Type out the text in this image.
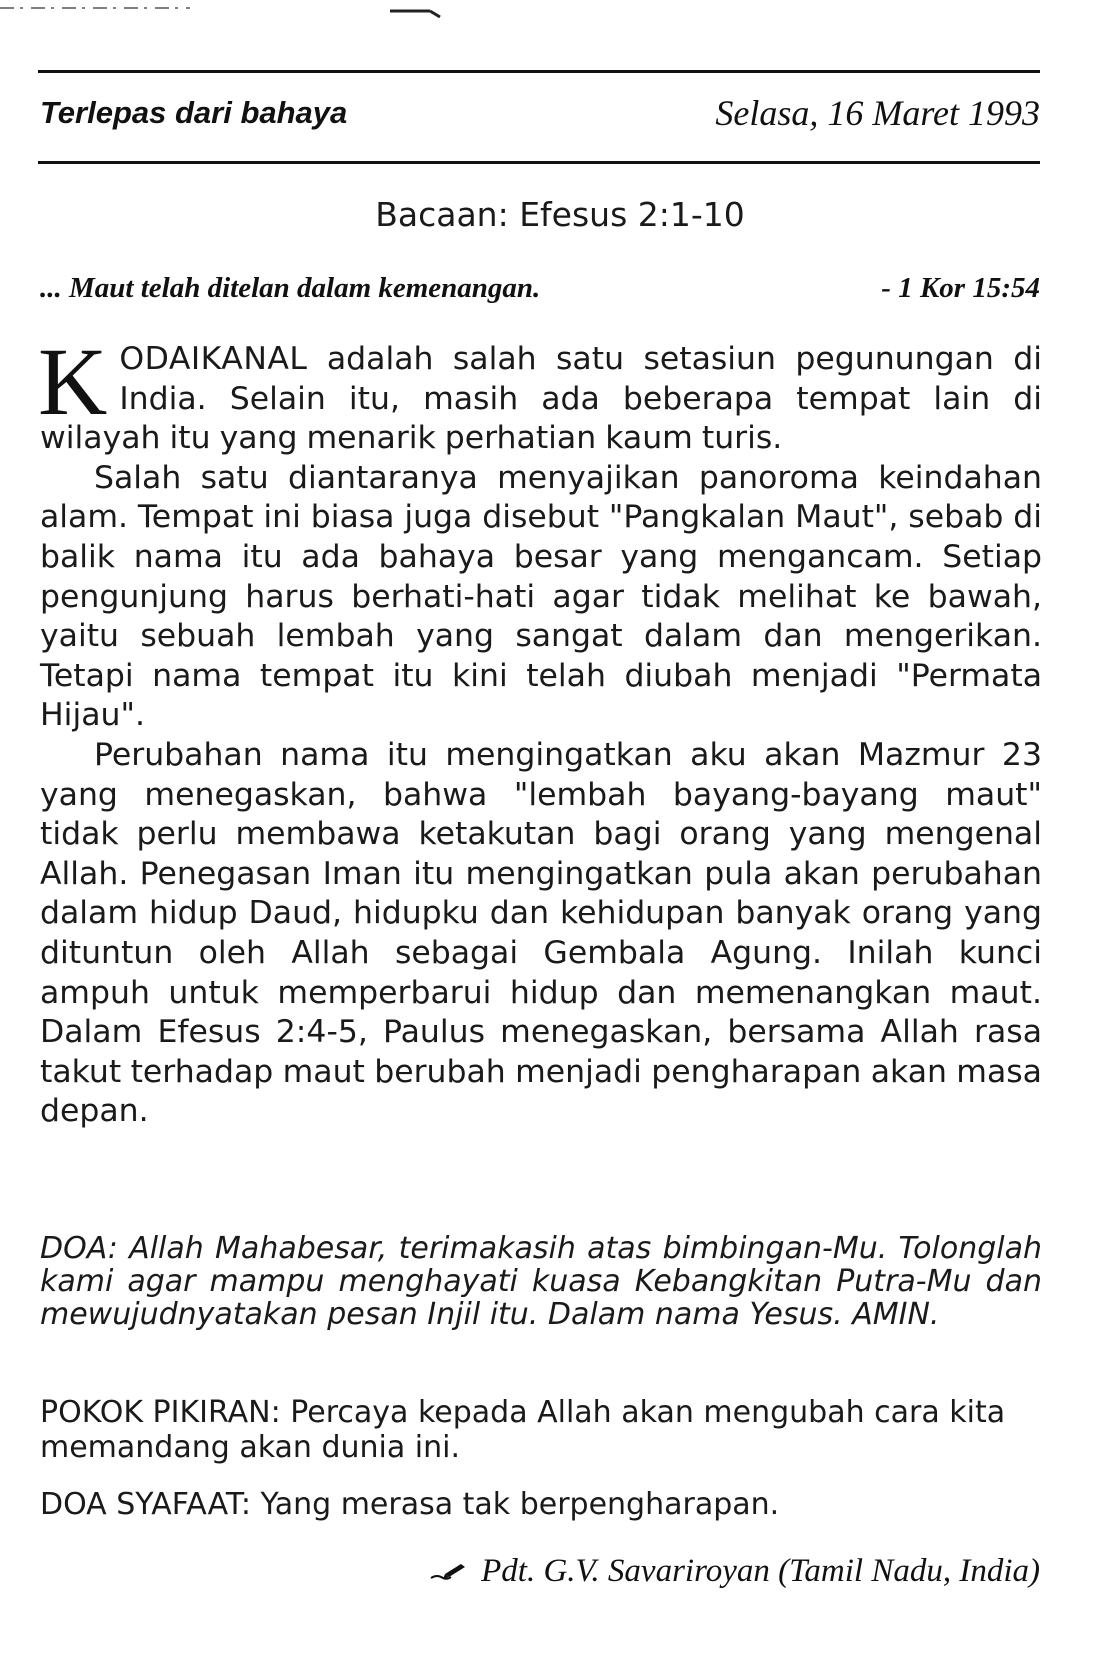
Terlepas dari bahaya	Selasa, 16 Maret 1993
Bacaan: Efesus 2:1-10
... Maut telah ditelan dalam kemenangan.	- 1 Kor 15:54

KODAIKANAL adalah salah satu setasiun pegunungan di India. Selain itu, masih ada beberapa tempat lain di wilayah itu yang menarik perhatian kaum turis.

Salah satu diantaranya menyajikan panoroma keindahan alam. Tempat ini biasa juga disebut "Pangkalan Maut", sebab di balik nama itu ada bahaya besar yang mengancam. Setiap pengunjung harus berhati-hati agar tidak melihat ke bawah, yaitu sebuah lembah yang sangat dalam dan mengerikan. Tetapi nama tempat itu kini telah diubah menjadi "Permata Hijau".

Perubahan nama itu mengingatkan aku akan Mazmur 23 yang menegaskan, bahwa "lembah bayang-bayang maut" tidak perlu membawa ketakutan bagi orang yang mengenal Allah. Penegasan Iman itu mengingatkan pula akan perubahan dalam hidup Daud, hidupku dan kehidupan banyak orang yang dituntun oleh Allah sebagai Gembala Agung. Inilah kunci ampuh untuk memperbarui hidup dan memenangkan maut. Dalam Efesus 2:4-5, Paulus menegaskan, bersama Allah rasa takut terhadap maut berubah menjadi pengharapan akan masa depan.

DOA: Allah Mahabesar, terimakasih atas bimbingan-Mu. Tolonglah kami agar mampu menghayati kuasa Kebangkitan Putra-Mu dan mewujudnyatakan pesan Injil itu. Dalam nama Yesus. AMIN.
POKOK PIKIRAN: Percaya kepada Allah akan mengubah cara kita memandang akan dunia ini.
DOA SYAFAAT: Yang merasa tak berpengharapan.
Pdt. G.V. Savariroyan (Tamil Nadu, India)
